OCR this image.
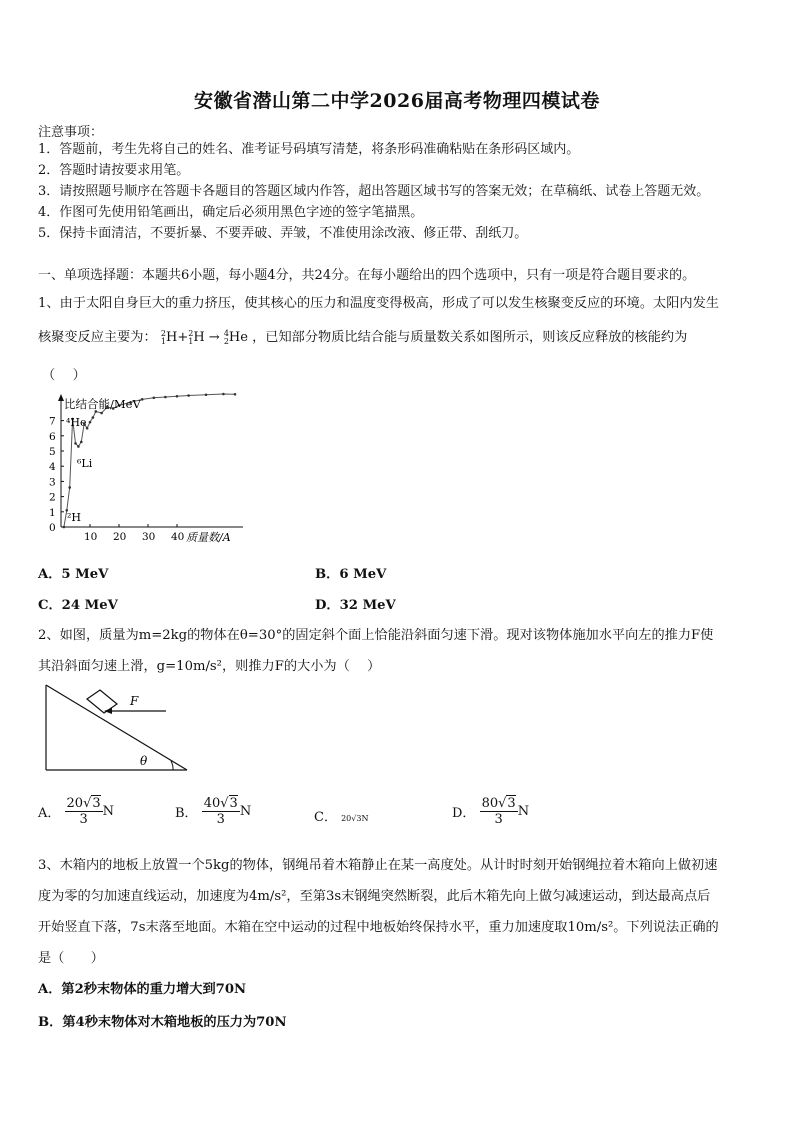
安徽省潜山第二中学2026届高考物理四模试卷
注意事项：
1．答题前，考生先将自己的姓名、准考证号码填写清楚，将条形码准确粘贴在条形码区域内。
2．答题时请按要求用笔。
3．请按照题号顺序在答题卡各题目的答题区域内作答，超出答题区域书写的答案无效；在草稿纸、试卷上答题无效。
4．作图可先使用铅笔画出，确定后必须用黑色字迹的签字笔描黑。
5．保持卡面清洁，不要折暴、不要弄破、弄皱，不准使用涂改液、修正带、刮纸刀。
一、单项选择题：本题共6小题，每小题4分，共24分。在每小题给出的四个选项中，只有一项是符合题目要求的。
1、由于太阳自身巨大的重力挤压，使其核心的压力和温度变得极高，形成了可以发生核聚变反应的环境。太阳内发生
核聚变反应主要为： 2
1H+2
1H → 4
2He ，已知部分物质比结合能与质量数关系如图所示，则该反应释放的核能约为
（　 ）
0
1
2
3
4
5
6
7
10 20 30 40
比结合能/MeV
质量数/A
⁴He
⁶Li
²H
A．5 MeV	B．6 MeV
C．24 MeV	D．32 MeV
2、如图，质量为m=2kg的物体在θ=30°的固定斜个面上恰能沿斜面匀速下滑。现对该物体施加水平向左的推力F使
其沿斜面匀速上滑，g=10m/s²，则推力F的大小为（　 ）
F
θ
A． $\frac{20√3}{3}$ N	B． $\frac{40√3}{3}$ N	C． 20√3N	D． $\frac{80√3}{3}$ N
3、木箱内的地板上放置一个5kg的物体，钢绳吊着木箱静止在某一高度处。从计时时刻开始钢绳拉着木箱向上做初速
度为零的匀加速直线运动，加速度为4m/s²，至第3s末钢绳突然断裂，此后木箱先向上做匀减速运动，到达最高点后
开始竖直下落，7s末落至地面。木箱在空中运动的过程中地板始终保持水平，重力加速度取10m/s²。下列说法正确的
是（　　）
A．第2秒末物体的重力增大到70N
B．第4秒末物体对木箱地板的压力为70N
